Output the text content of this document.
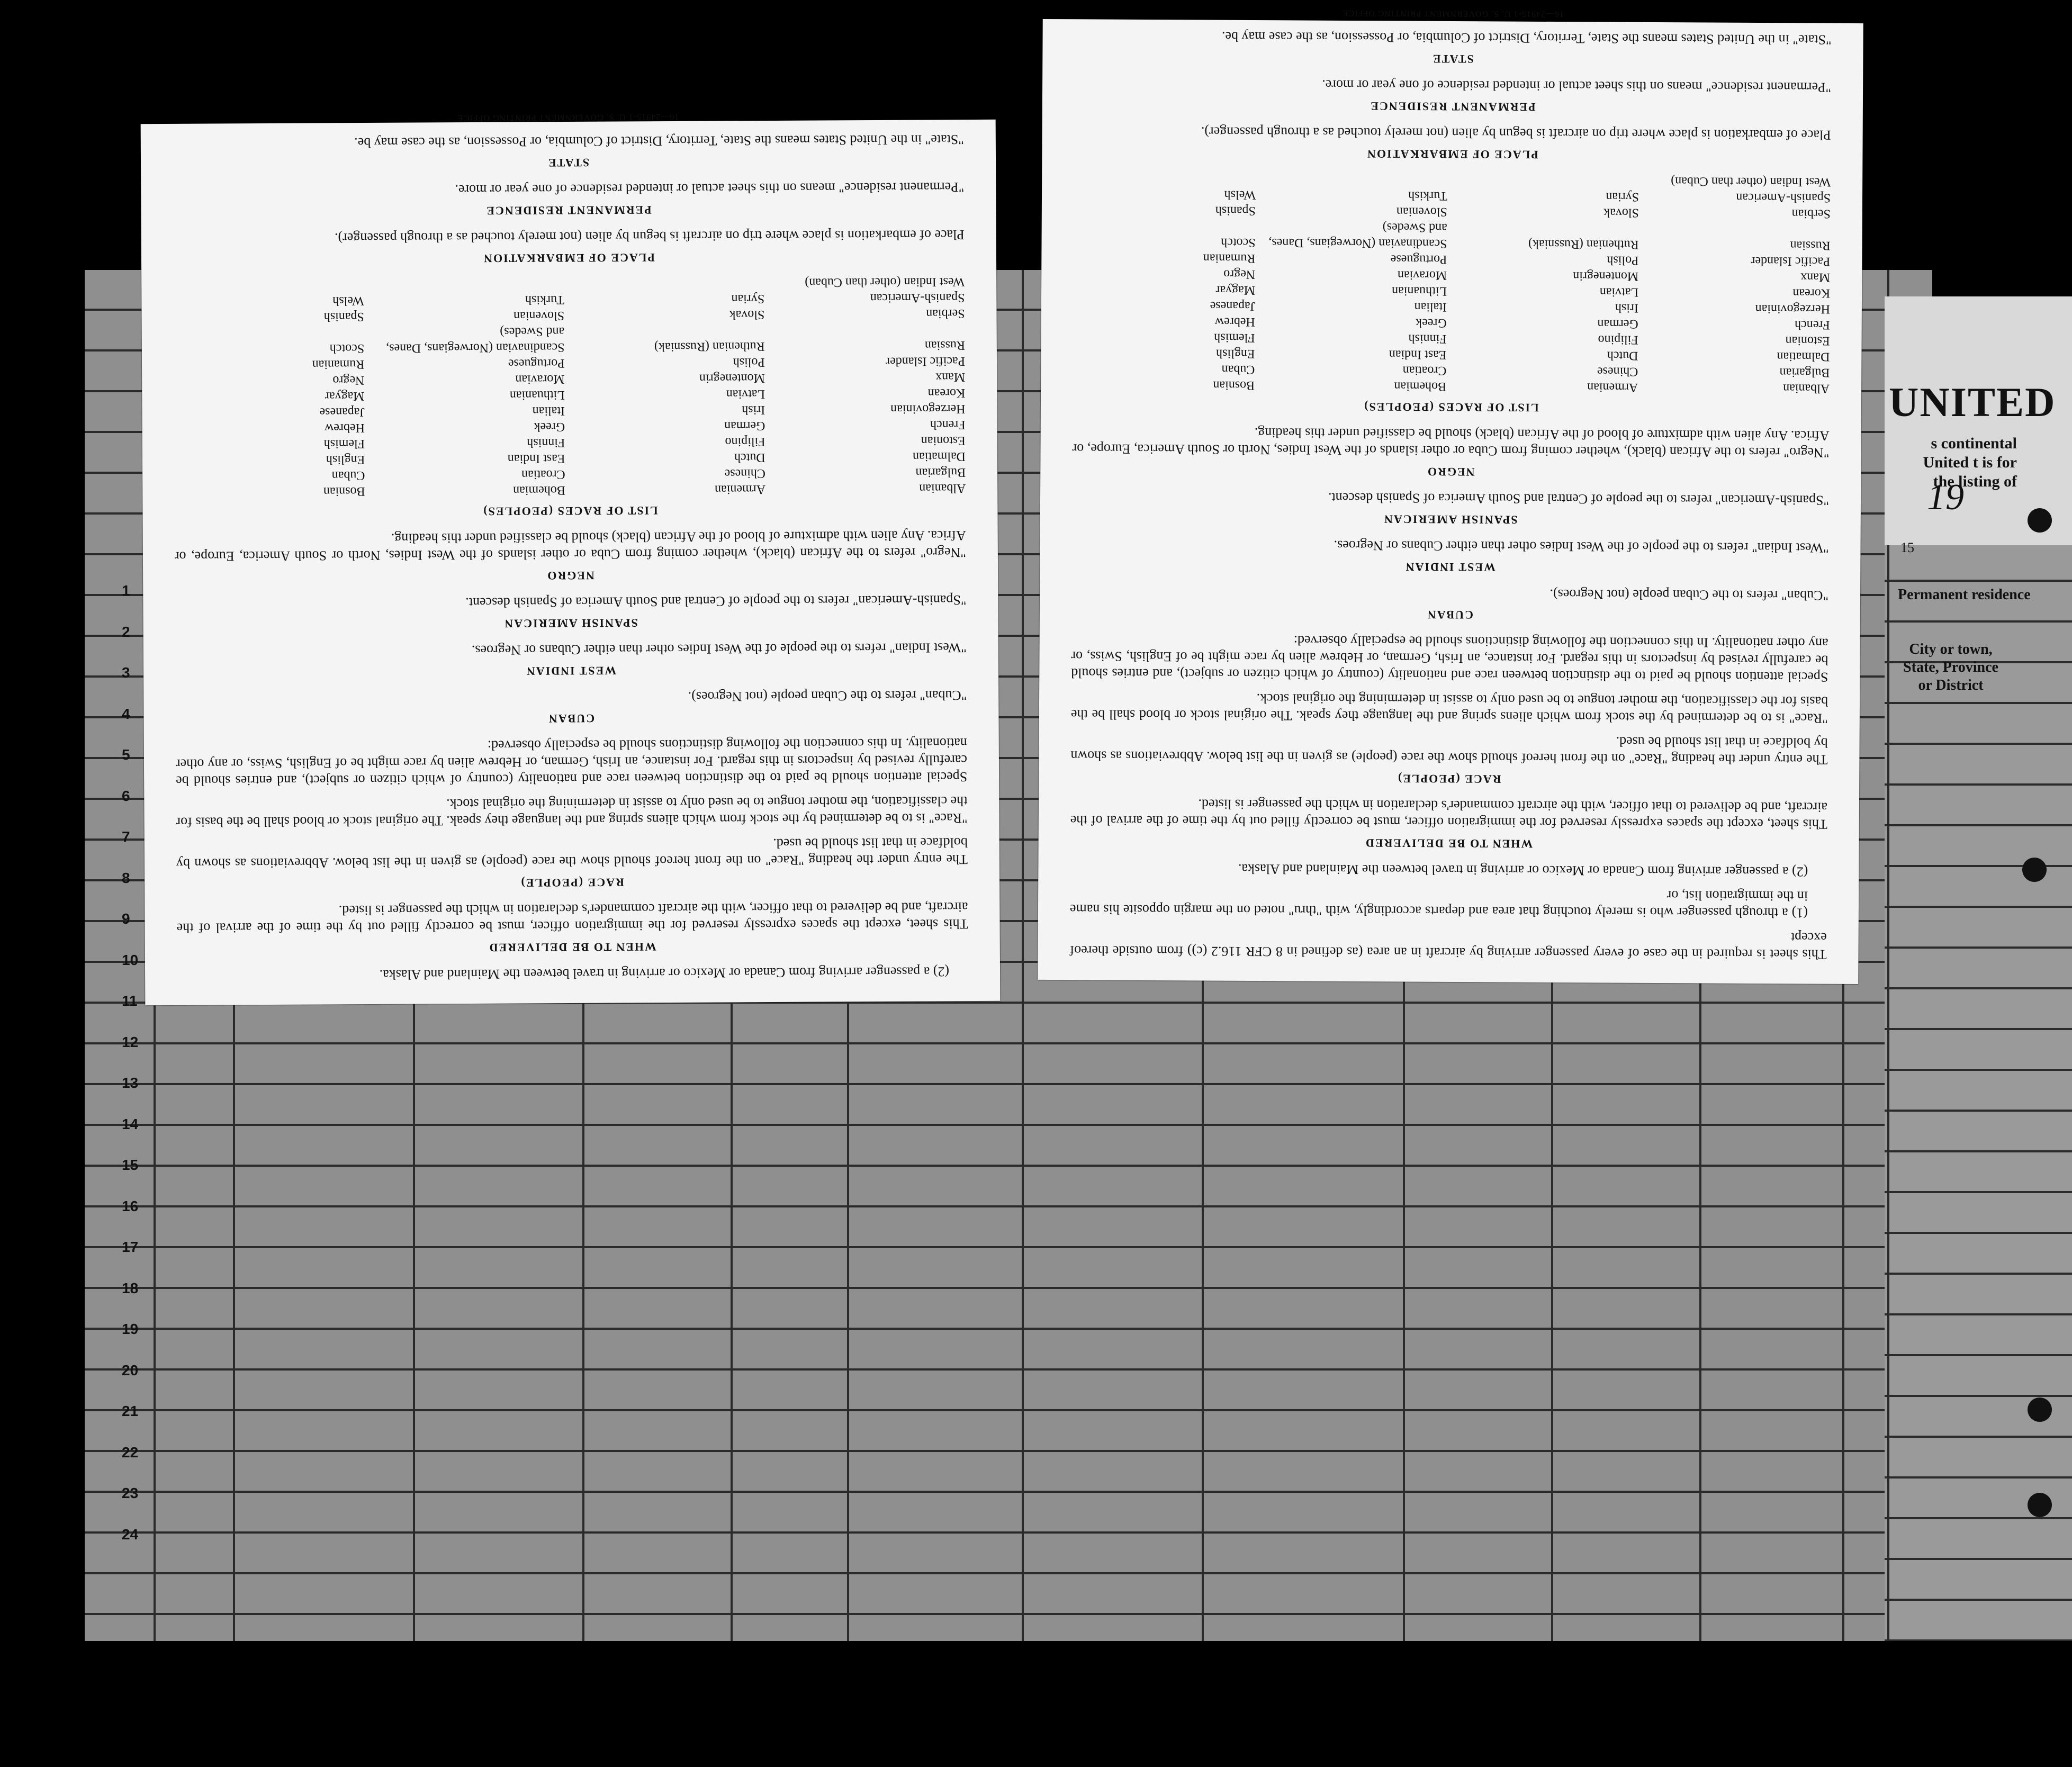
UNITED
s continental United t is for the listing of
19
15
Permanent residence
City or town, State, Province or District
1
2
3
4
5
6
7
8
9
10
11
12
13
14
15
16
17
18
19
20
21
22
23
24

(2) a passenger arriving from Canada or Mexico or arriving in travel between the Mainland and Alaska.

WHEN TO BE DELIVERED

This sheet, except the spaces expressly reserved for the immigration officer, must be correctly filled out by the time of the arrival of the aircraft, and be delivered to that officer, with the aircraft commander's declaration in which the passenger is listed.

RACE (PEOPLE)

The entry under the heading "Race" on the front hereof should show the race (people) as given in the list below. Abbreviations as shown by boldface in that list should be used.

"Race" is to be determined by the stock from which aliens spring and the language they speak. The original stock or blood shall be the basis for the classification, the mother tongue to be used only to assist in determining the original stock.

Special attention should be paid to the distinction between race and nationality (country of which citizen or subject), and entries should be carefully revised by inspectors in this regard. For instance, an Irish, German, or Hebrew alien by race might be of English, Swiss, or any other nationality. In this connection the following distinctions should be especially observed:

CUBAN

"Cuban" refers to the Cuban people (not Negroes).

WEST INDIAN

"West Indian" refers to the people of the West Indies other than either Cubans or Negroes.

SPANISH AMERICAN

"Spanish-American" refers to the people of Central and South America of Spanish descent.

NEGRO

"Negro" refers to the African (black), whether coming from Cuba or other islands of the West Indies, North or South America, Europe, or Africa. Any alien with admixture of blood of the African (black) should be classified under this heading.

LIST OF RACES (PEOPLES)
Albanian
Armenian
Bohemian
Bosnian
Bulgarian
Chinese
Croatian
Cuban
Dalmatian
Dutch
East Indian
English
Estonian
Filipino
Finnish
Flemish
French
German
Greek
Hebrew
Herzegovinian
Irish
Italian
Japanese
Korean
Latvian
Lithuanian
Magyar
Manx
Montenegrin
Moravian
Negro
Pacific Islander
Polish
Portuguese
Rumanian
Russian
Ruthenian (Russniak)
Scandinavian (Norwegians, Danes, and Swedes)
Scotch
Serbian
Slovak
Slovenian
Spanish
Spanish-American
Syrian
Turkish
Welsh
West Indian (other than Cuban)
PLACE OF EMBARKATION

Place of embarkation is place where trip on aircraft is begun by alien (not merely touched as a through passenger).

PERMANENT RESIDENCE

"Permanent residence" means on this sheet actual or intended residence of one year or more.

STATE

"State" in the United States means the State, Territory, District of Columbia, or Possession, as the case may be.

16—24915-1 U. S. GOVERNMENT PRINTING OFFICE

This sheet is required in the case of every passenger arriving by aircraft in an area (as defined in 8 CFR 116.2 (c)) from outside thereof except

(1) a through passenger who is merely touching that area and departs accordingly, with "thru" noted on the margin opposite his name in the immigration list, or

(2) a passenger arriving from Canada or Mexico or arriving in travel between the Mainland and Alaska.

WHEN TO BE DELIVERED

This sheet, except the spaces expressly reserved for the immigration officer, must be correctly filled out by the time of the arrival of the aircraft, and be delivered to that officer, with the aircraft commander's declaration in which the passenger is listed.

RACE (PEOPLE)

The entry under the heading "Race" on the front hereof should show the race (people) as given in the list below. Abbreviations as shown by boldface in that list should be used.

"Race" is to be determined by the stock from which aliens spring and the language they speak. The original stock or blood shall be the basis for the classification, the mother tongue to be used only to assist in determining the original stock.

Special attention should be paid to the distinction between race and nationality (country of which citizen or subject), and entries should be carefully revised by inspectors in this regard. For instance, an Irish, German, or Hebrew alien by race might be of English, Swiss, or any other nationality. In this connection the following distinctions should be especially observed:

CUBAN

"Cuban" refers to the Cuban people (not Negroes).

WEST INDIAN

"West Indian" refers to the people of the West Indies other than either Cubans or Negroes.

SPANISH AMERICAN

"Spanish-American" refers to the people of Central and South America of Spanish descent.

NEGRO

"Negro" refers to the African (black), whether coming from Cuba or other islands of the West Indies, North or South America, Europe, or Africa. Any alien with admixture of blood of the African (black) should be classified under this heading.

LIST OF RACES (PEOPLES)
Albanian
Armenian
Bohemian
Bosnian
Bulgarian
Chinese
Croatian
Cuban
Dalmatian
Dutch
East Indian
English
Estonian
Filipino
Finnish
Flemish
French
German
Greek
Hebrew
Herzegovinian
Irish
Italian
Japanese
Korean
Latvian
Lithuanian
Magyar
Manx
Montenegrin
Moravian
Negro
Pacific Islander
Polish
Portuguese
Rumanian
Russian
Ruthenian (Russniak)
Scandinavian (Norwegians, Danes, and Swedes)
Scotch
Serbian
Slovak
Slovenian
Spanish
Spanish-American
Syrian
Turkish
Welsh
West Indian (other than Cuban)
PLACE OF EMBARKATION

Place of embarkation is place where trip on aircraft is begun by alien (not merely touched as a through passenger).

PERMANENT RESIDENCE

"Permanent residence" means on this sheet actual or intended residence of one year or more.

STATE

"State" in the United States means the State, Territory, District of Columbia, or Possession, as the case may be.

16—24915-1 U. S. GOVERNMENT PRINTING OFFICE
